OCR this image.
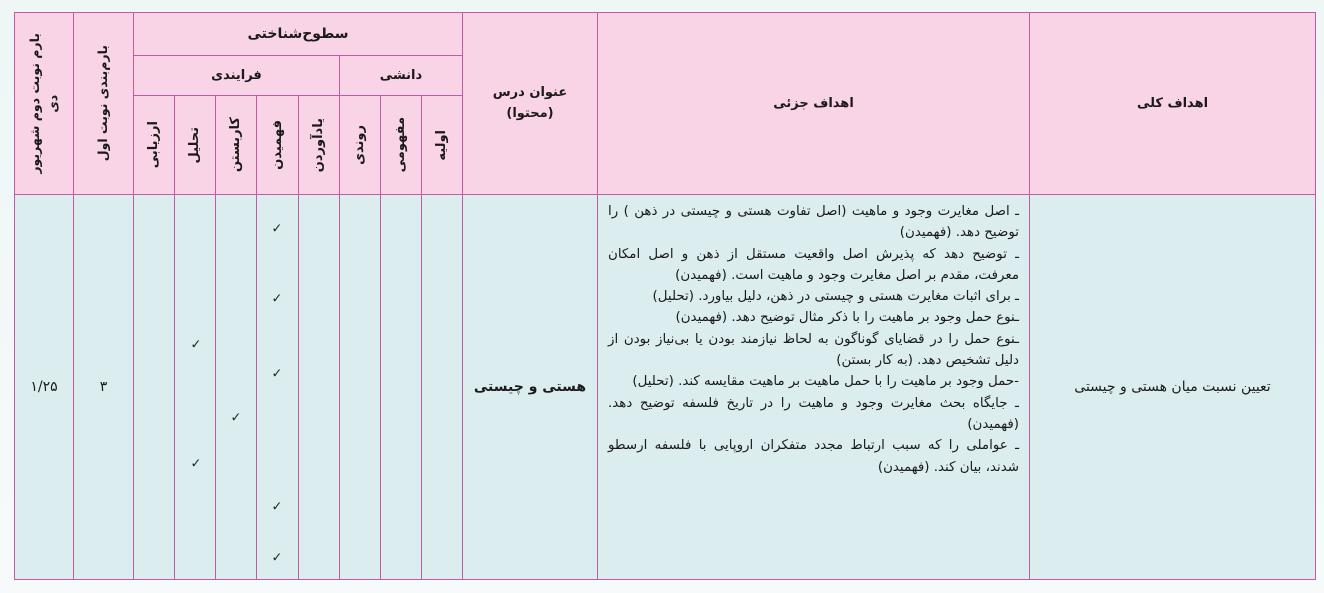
اهداف کلی
اهداف جزئی
عنوان درس
(محتوا)
سطوح‌شناختی
دانشی
فرایندی
اولیه
مفهومی
روندی
یادآوردن
فهمیدن
کاربستن
تحلیل
ارزیابی
بارم‌بندی نوبت اول
بارم نوبت دوم شهریور دی
تعیین نسبت میان هستی و چیستی
ـ اصل مغایرت وجود و ماهیت (اصل تفاوت هستی و چیستی در ذهن ) را توضیح دهد. (فهمیدن)
ـ توضیح دهد که پذیرش اصل واقعیت مستقل از ذهن و اصل امکان معرفت، مقدم بر اصل مغایرت وجود و ماهیت است. (فهمیدن)
ـ برای اثبات مغایرت هستی و چیستی در ذهن، دلیل بیاورد. (تحلیل)
ـنوع حمل وجود بر ماهیت را با ذکر مثال توضیح دهد. (فهمیدن)
ـنوع حمل را در قضایای گوناگون به لحاظ نیازمند بودن یا بی‌نیاز بودن از دلیل تشخیص دهد. (به کار بستن)
-حمل وجود بر ماهیت را با حمل ماهیت بر ماهیت مقایسه کند. (تحلیل)
ـ جایگاه بحث مغایرت وجود و ماهیت را در تاریخ فلسفه توضیح دهد. (فهمیدن)
ـ عواملی را که سبب ارتباط مجدد متفکران اروپایی با فلسفه ارسطو شدند، بیان کند. (فهمیدن)
هستی و چیستی
۳
۱/۲۵
✓
✓
✓
✓
✓
✓
✓
✓
